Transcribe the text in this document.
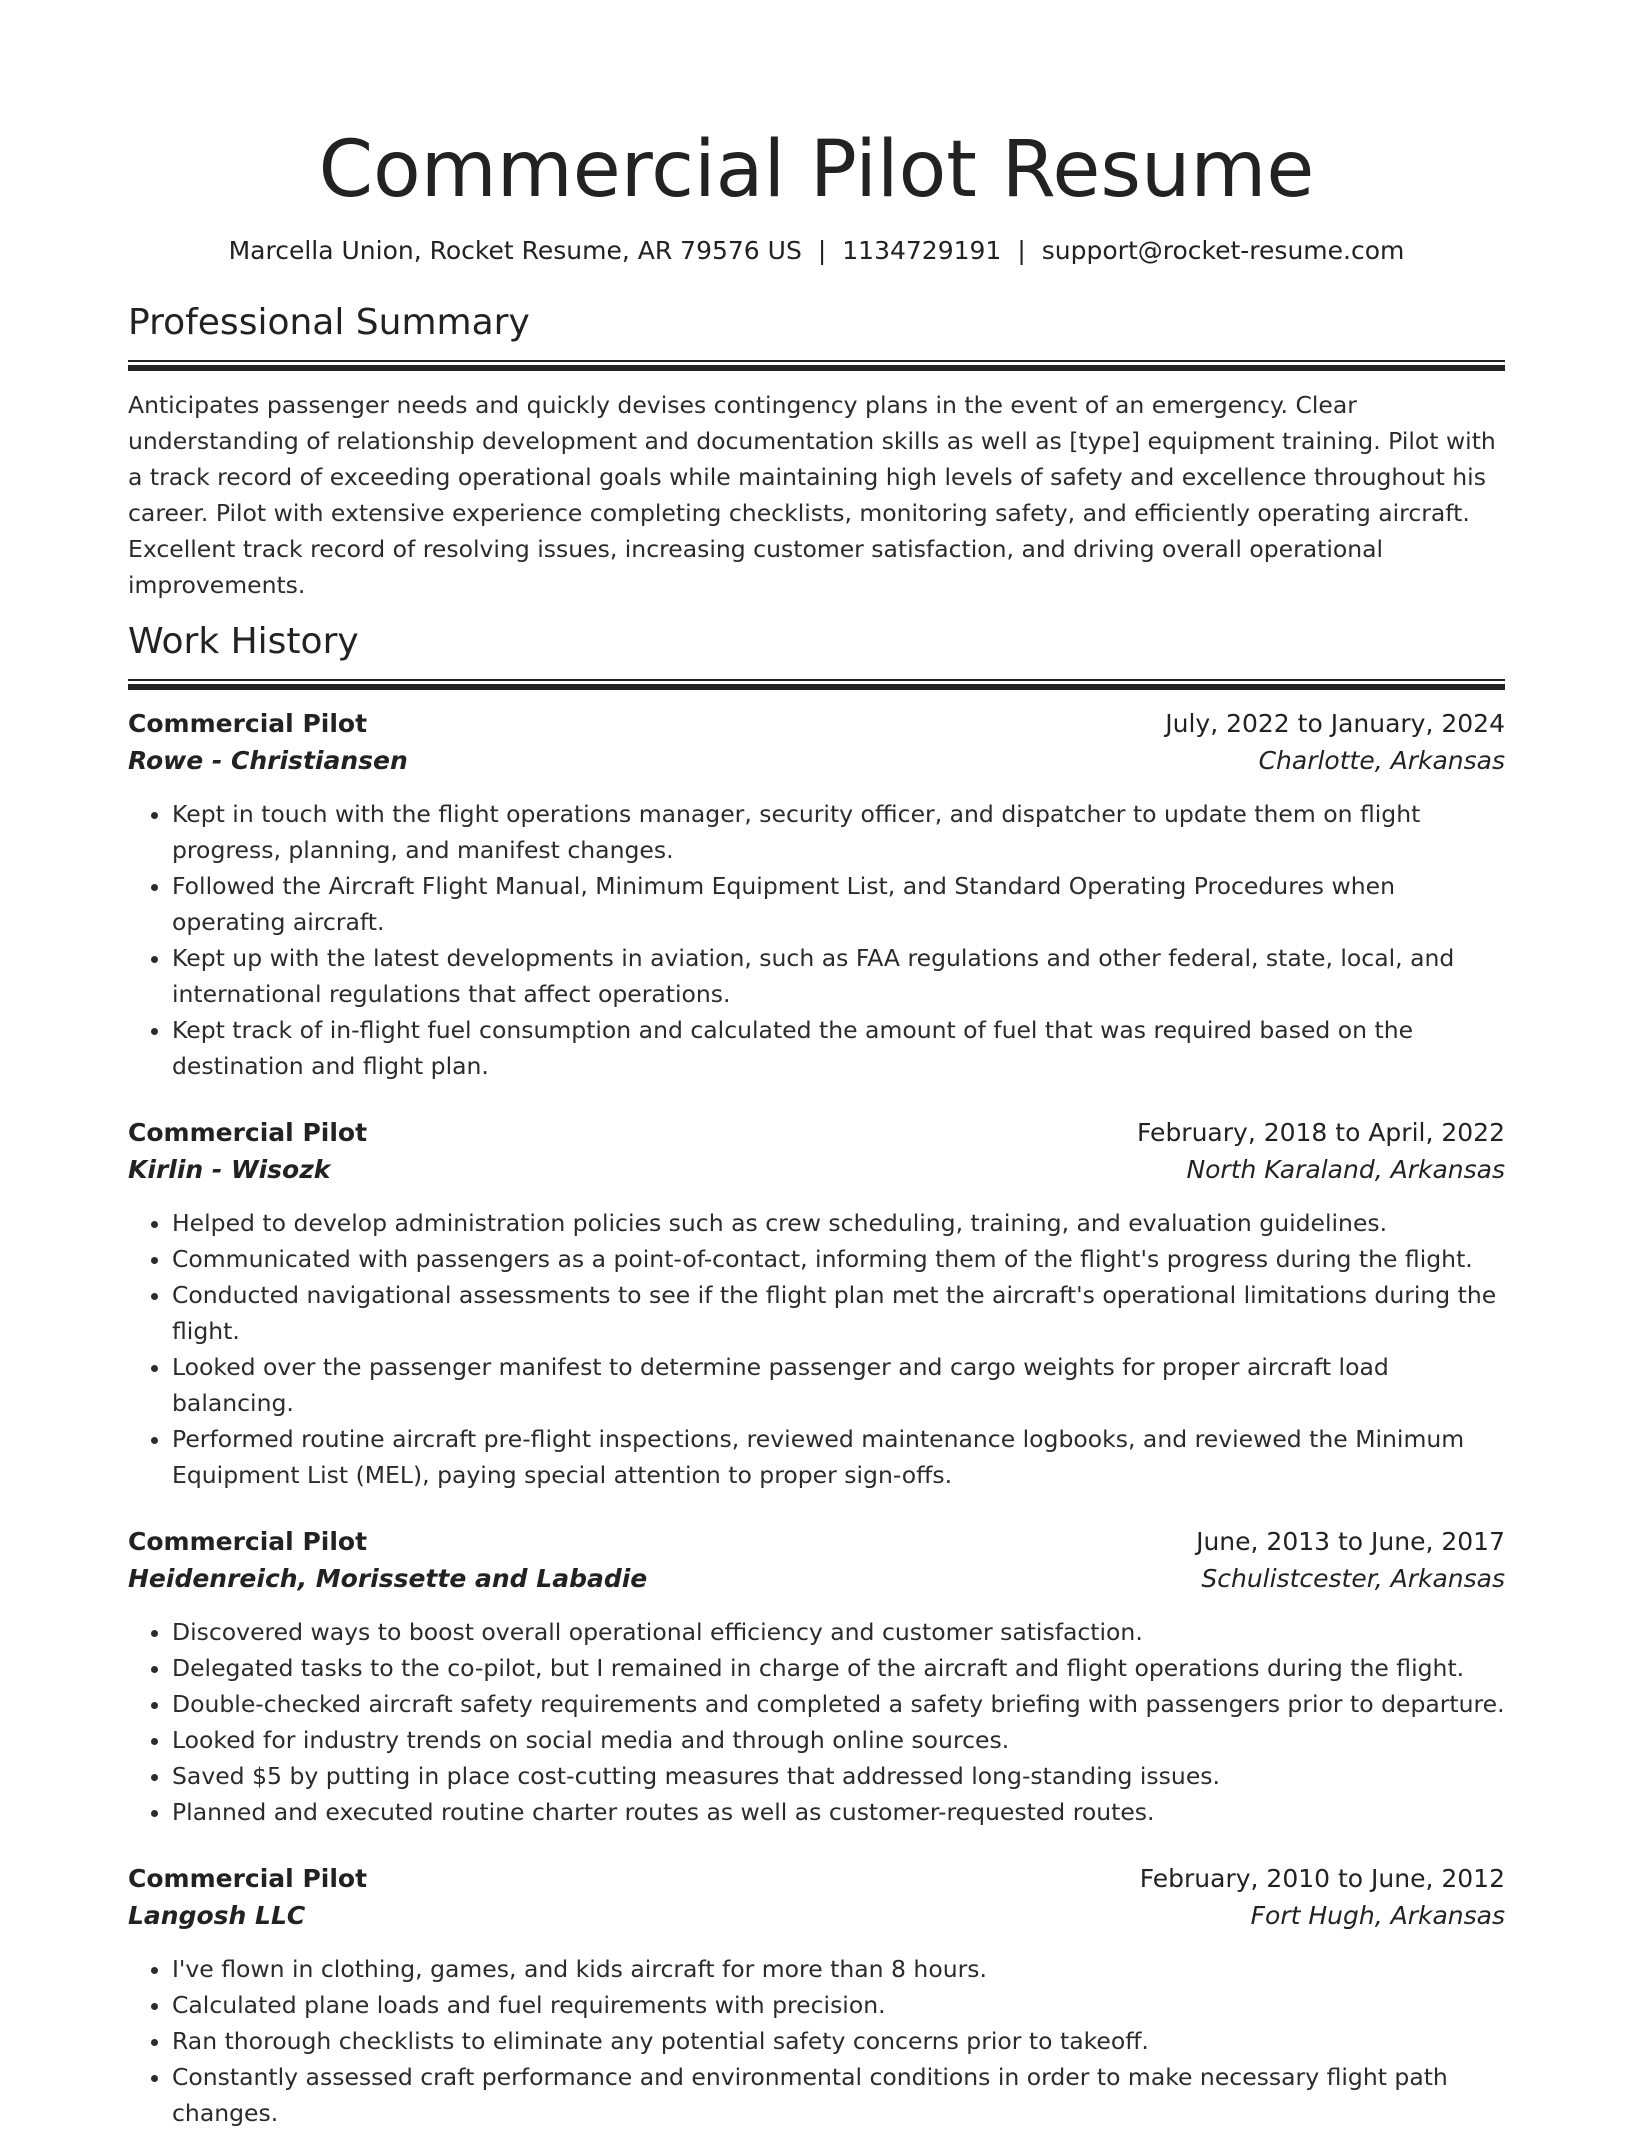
Commercial Pilot Resume
Marcella Union, Rocket Resume, AR 79576 US | 1134729191 | support@rocket-resume.com
Professional Summary

Anticipates passenger needs and quickly devises contingency plans in the event of an emergency. Clear understanding of relationship development and documentation skills as well as [type] equipment training. Pilot with a track record of exceeding operational goals while maintaining high levels of safety and excellence throughout his career. Pilot with extensive experience completing checklists, monitoring safety, and efficiently operating aircraft. Excellent track record of resolving issues, increasing customer satisfaction, and driving overall operational improvements.

Work History
Commercial Pilot	July, 2022 to January, 2024
Rowe - Christiansen	Charlotte, Arkansas
• Kept in touch with the flight operations manager, security officer, and dispatcher to update them on flight progress, planning, and manifest changes.
• Followed the Aircraft Flight Manual, Minimum Equipment List, and Standard Operating Procedures when operating aircraft.
• Kept up with the latest developments in aviation, such as FAA regulations and other federal, state, local, and international regulations that affect operations.
• Kept track of in-flight fuel consumption and calculated the amount of fuel that was required based on the destination and flight plan.
Commercial Pilot	February, 2018 to April, 2022
Kirlin - Wisozk	North Karaland, Arkansas
• Helped to develop administration policies such as crew scheduling, training, and evaluation guidelines.
• Communicated with passengers as a point-of-contact, informing them of the flight's progress during the flight.
• Conducted navigational assessments to see if the flight plan met the aircraft's operational limitations during the flight.
• Looked over the passenger manifest to determine passenger and cargo weights for proper aircraft load balancing.
• Performed routine aircraft pre-flight inspections, reviewed maintenance logbooks, and reviewed the Minimum Equipment List (MEL), paying special attention to proper sign-offs.
Commercial Pilot	June, 2013 to June, 2017
Heidenreich, Morissette and Labadie	Schulistcester, Arkansas
• Discovered ways to boost overall operational efficiency and customer satisfaction.
• Delegated tasks to the co-pilot, but I remained in charge of the aircraft and flight operations during the flight.
• Double-checked aircraft safety requirements and completed a safety briefing with passengers prior to departure.
• Looked for industry trends on social media and through online sources.
• Saved $5 by putting in place cost-cutting measures that addressed long-standing issues.
• Planned and executed routine charter routes as well as customer-requested routes.
Commercial Pilot	February, 2010 to June, 2012
Langosh LLC	Fort Hugh, Arkansas
• I've flown in clothing, games, and kids aircraft for more than 8 hours.
• Calculated plane loads and fuel requirements with precision.
• Ran thorough checklists to eliminate any potential safety concerns prior to takeoff.
• Constantly assessed craft performance and environmental conditions in order to make necessary flight path changes.
